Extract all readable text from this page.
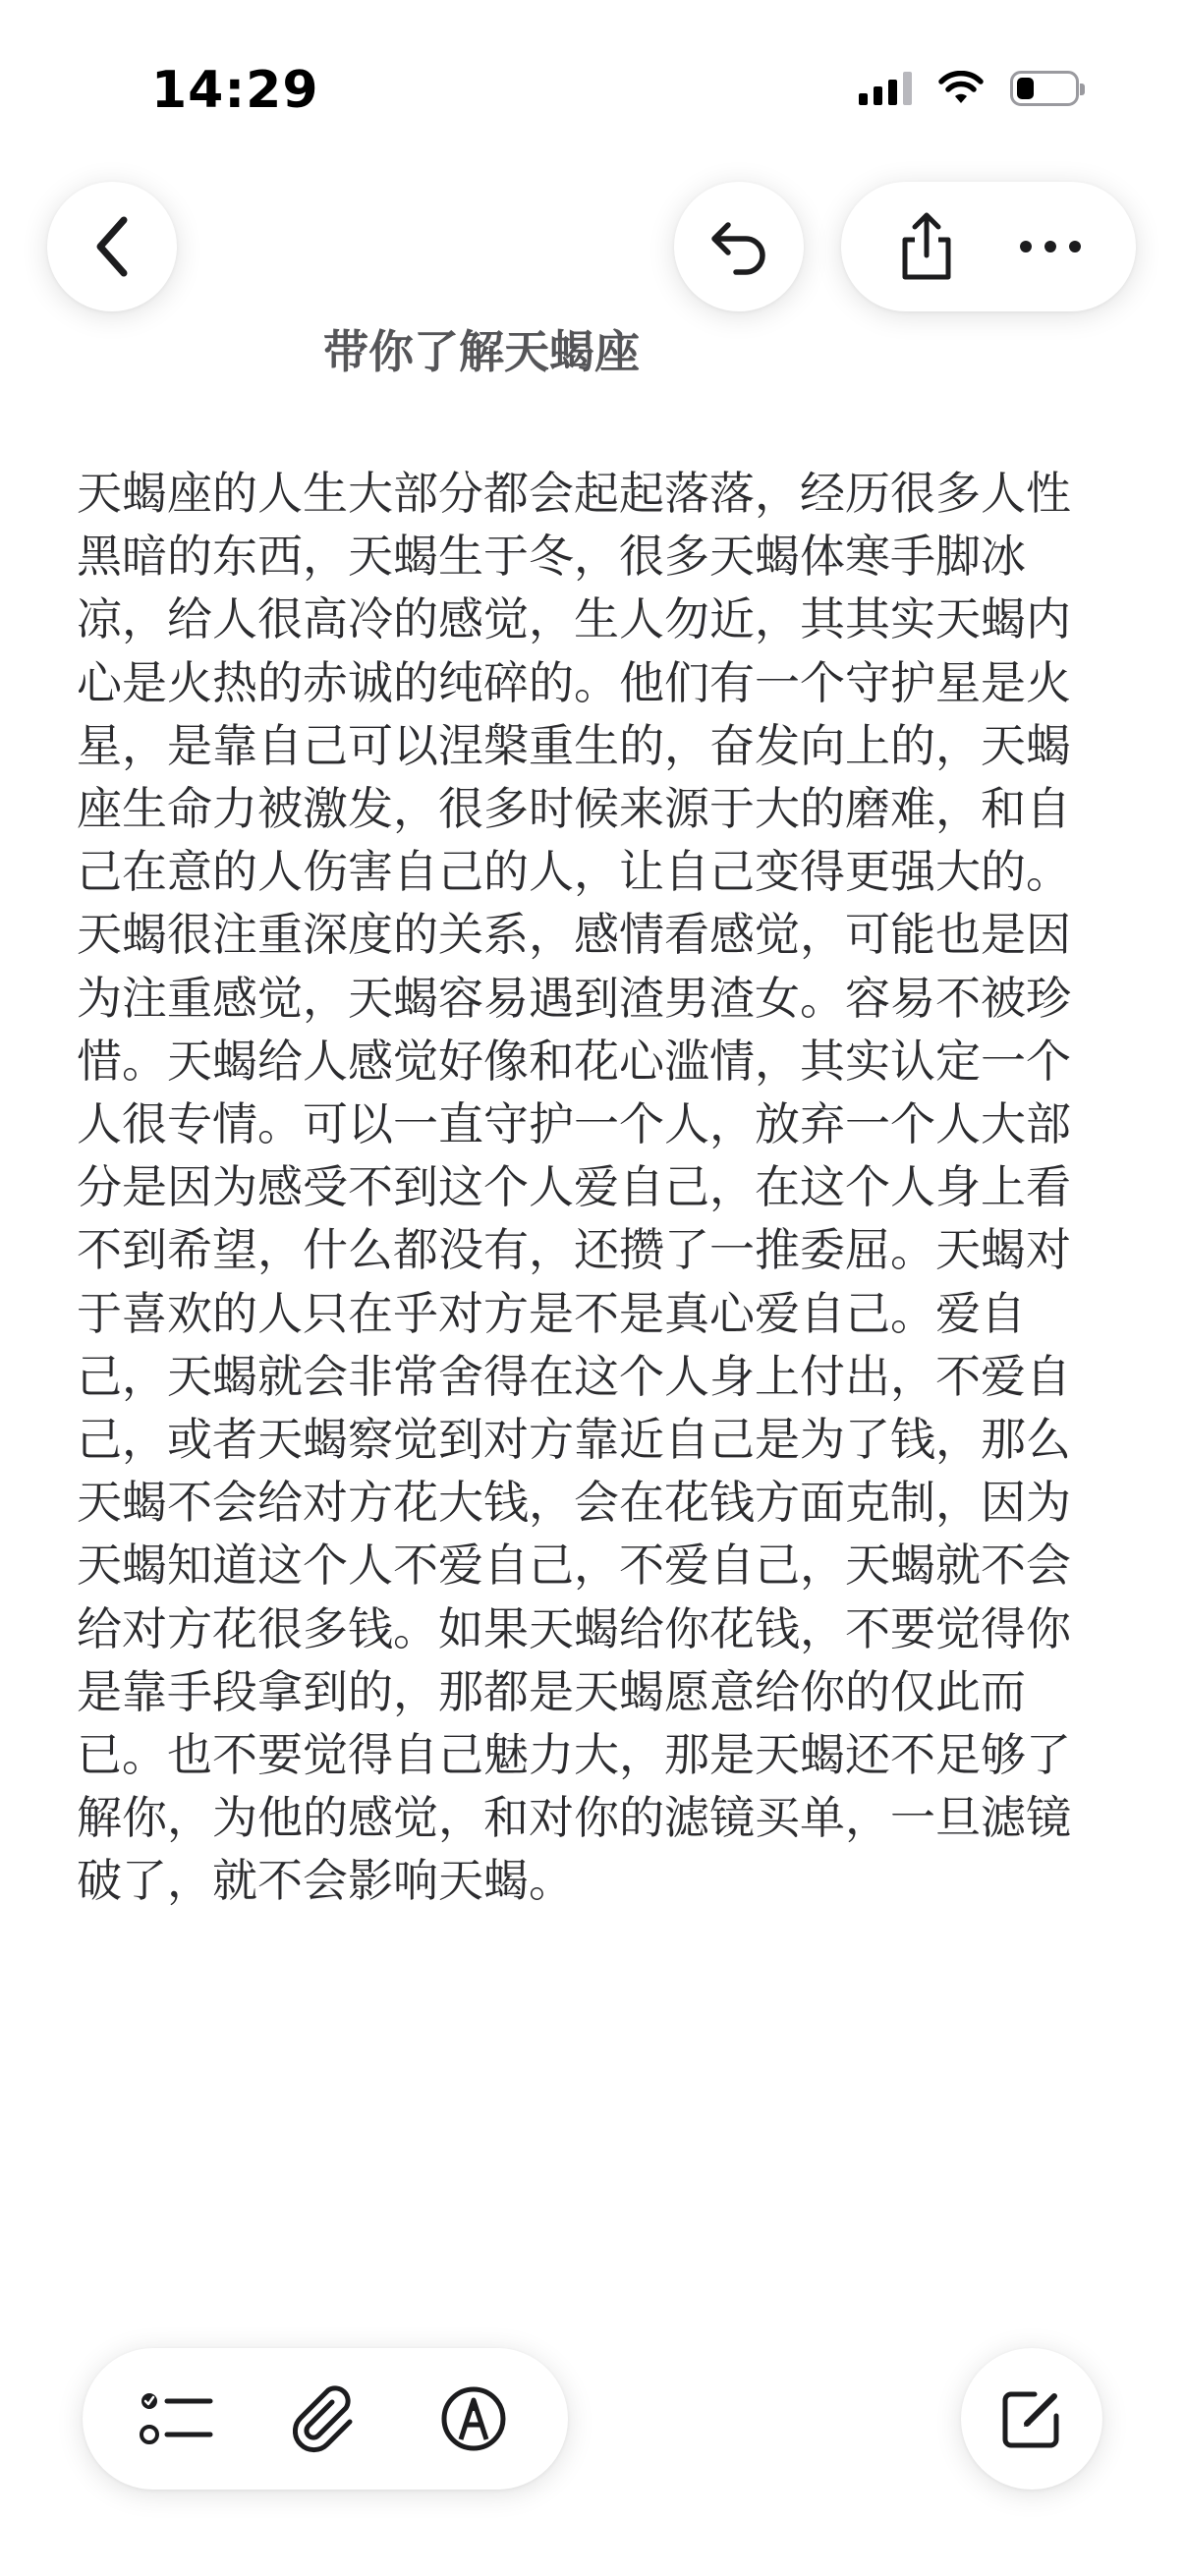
14:29
带你了解天蝎座
天蝎座的人生大部分都会起起落落，经历很多人性黑暗的东西，天蝎生于冬，很多天蝎体寒手脚冰凉，给人很高冷的感觉，生人勿近，其其实天蝎内心是火热的赤诚的纯碎的。他们有一个守护星是火星，是靠自己可以涅槃重生的，奋发向上的，天蝎座生命力被激发，很多时候来源于大的磨难，和自己在意的人伤害自己的人，让自己变得更强大的。
天蝎很注重深度的关系，感情看感觉，可能也是因为注重感觉，天蝎容易遇到渣男渣女。容易不被珍惜。天蝎给人感觉好像和花心滥情，其实认定一个人很专情。可以一直守护一个人，放弃一个人大部分是因为感受不到这个人爱自己，在这个人身上看不到希望，什么都没有，还攒了一推委屈。天蝎对于喜欢的人只在乎对方是不是真心爱自己。爱自己，天蝎就会非常舍得在这个人身上付出，不爱自己，或者天蝎察觉到对方靠近自己是为了钱，那么天蝎不会给对方花大钱，会在花钱方面克制，因为天蝎知道这个人不爱自己，不爱自己，天蝎就不会给对方花很多钱。如果天蝎给你花钱，不要觉得你是靠手段拿到的，那都是天蝎愿意给你的仅此而已。也不要觉得自己魅力大，那是天蝎还不足够了解你，为他的感觉，和对你的滤镜买单，一旦滤镜破了，就不会影响天蝎。
